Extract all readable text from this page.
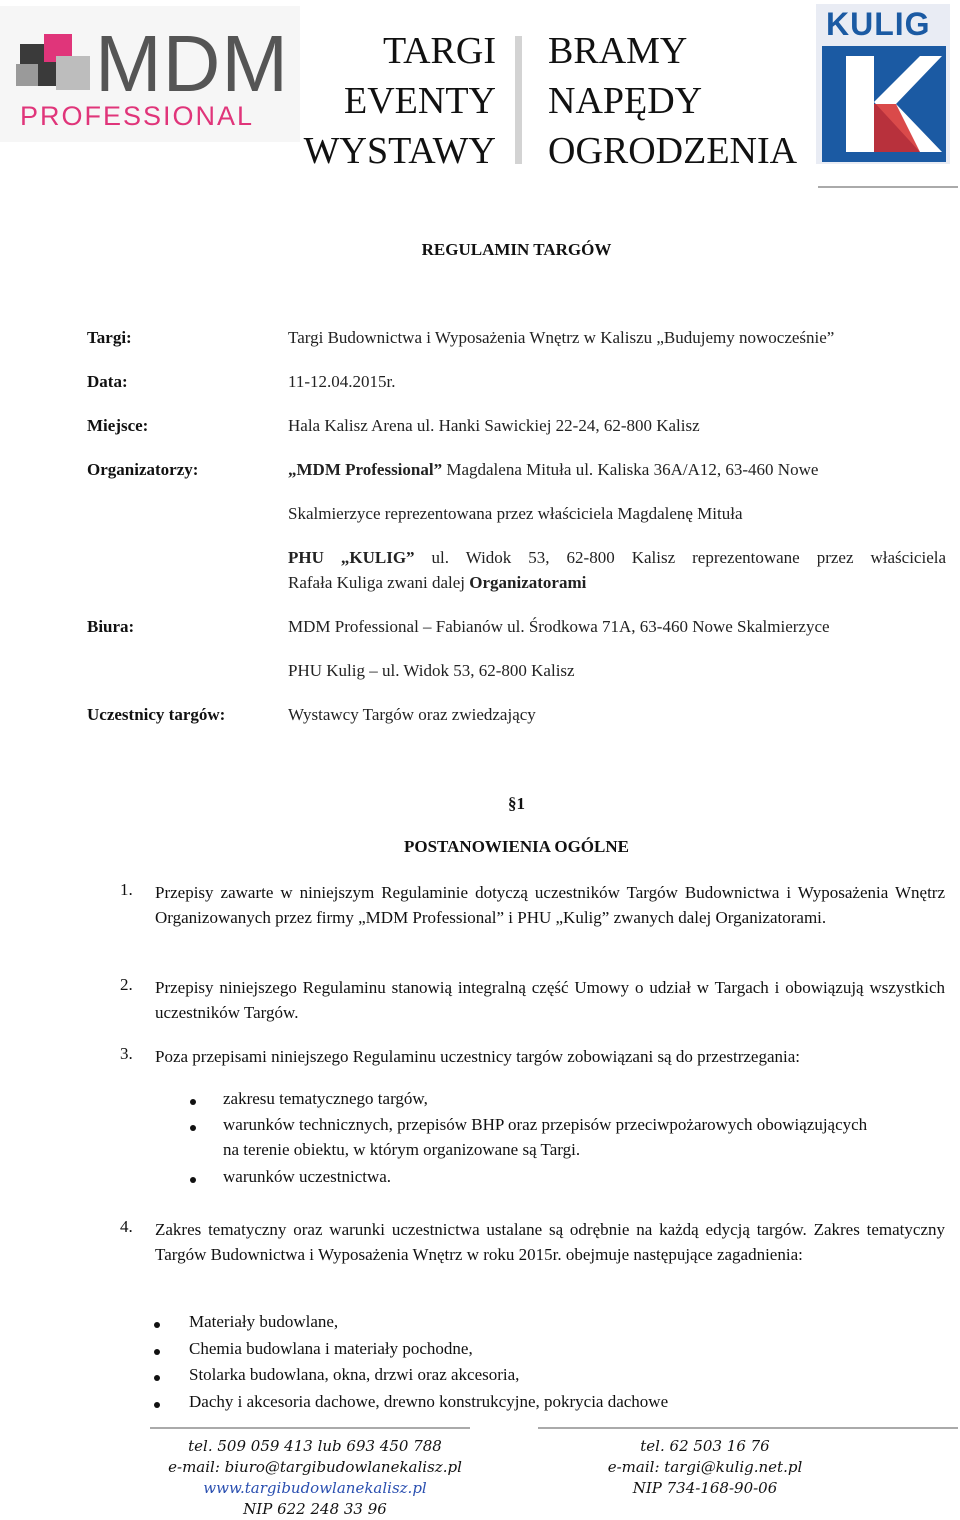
MDM
PROFESSIONAL
TARGI
EVENTY
WYSTAWY
BRAMY
NAPĘDY
OGRODZENIA
KULIG
REGULAMIN TARGÓW
Targi:	Targi Budownictwa i Wyposażenia Wnętrz w Kaliszu „Budujemy nowocześnie”
Data:	11-12.04.2015r.
Miejsce:	Hala Kalisz Arena ul. Hanki Sawickiej 22-24, 62-800 Kalisz
Organizatorzy:	„MDM Professional” Magdalena Mituła ul. Kaliska 36A/A12, 63-460 Nowe
Skalmierzyce reprezentowana przez właściciela Magdalenę Mituła
PHU „KULIG” ul. Widok 53, 62-800 Kalisz reprezentowane przez właściciela
Rafała Kuliga zwani dalej Organizatorami
Biura:	MDM Professional – Fabianów ul. Środkowa 71A, 63-460 Nowe Skalmierzyce
PHU Kulig – ul. Widok 53, 62-800 Kalisz
Uczestnicy targów:	Wystawcy Targów oraz zwiedzający
§1
POSTANOWIENIA OGÓLNE
1. Przepisy zawarte w niniejszym Regulaminie dotyczą uczestników Targów Budownictwa i Wyposażenia Wnętrz Organizowanych przez firmy „MDM Professional” i PHU „Kulig” zwanych dalej Organizatorami.
2. Przepisy niniejszego Regulaminu stanowią integralną część Umowy o udział w Targach i obowiązują wszystkich uczestników Targów.
3. Poza przepisami niniejszego Regulaminu uczestnicy targów zobowiązani są do przestrzegania:
zakresu tematycznego targów,
warunków technicznych, przepisów BHP oraz przepisów przeciwpożarowych obowiązujących
na terenie obiektu, w którym organizowane są Targi.
warunków uczestnictwa.
4. Zakres tematyczny oraz warunki uczestnictwa ustalane są odrębnie na każdą edycją targów. Zakres tematyczny Targów Budownictwa i Wyposażenia Wnętrz w roku 2015r. obejmuje następujące zagadnienia:
Materiały budowlane,
Chemia budowlana i materiały pochodne,
Stolarka budowlana, okna, drzwi oraz akcesoria,
Dachy i akcesoria dachowe, drewno konstrukcyjne, pokrycia dachowe
tel. 509 059 413 lub 693 450 788
e-mail: biuro@targibudowlanekalisz.pl
www.targibudowlanekalisz.pl
NIP 622 248 33 96
tel. 62 503 16 76
e-mail: targi@kulig.net.pl
NIP 734-168-90-06
